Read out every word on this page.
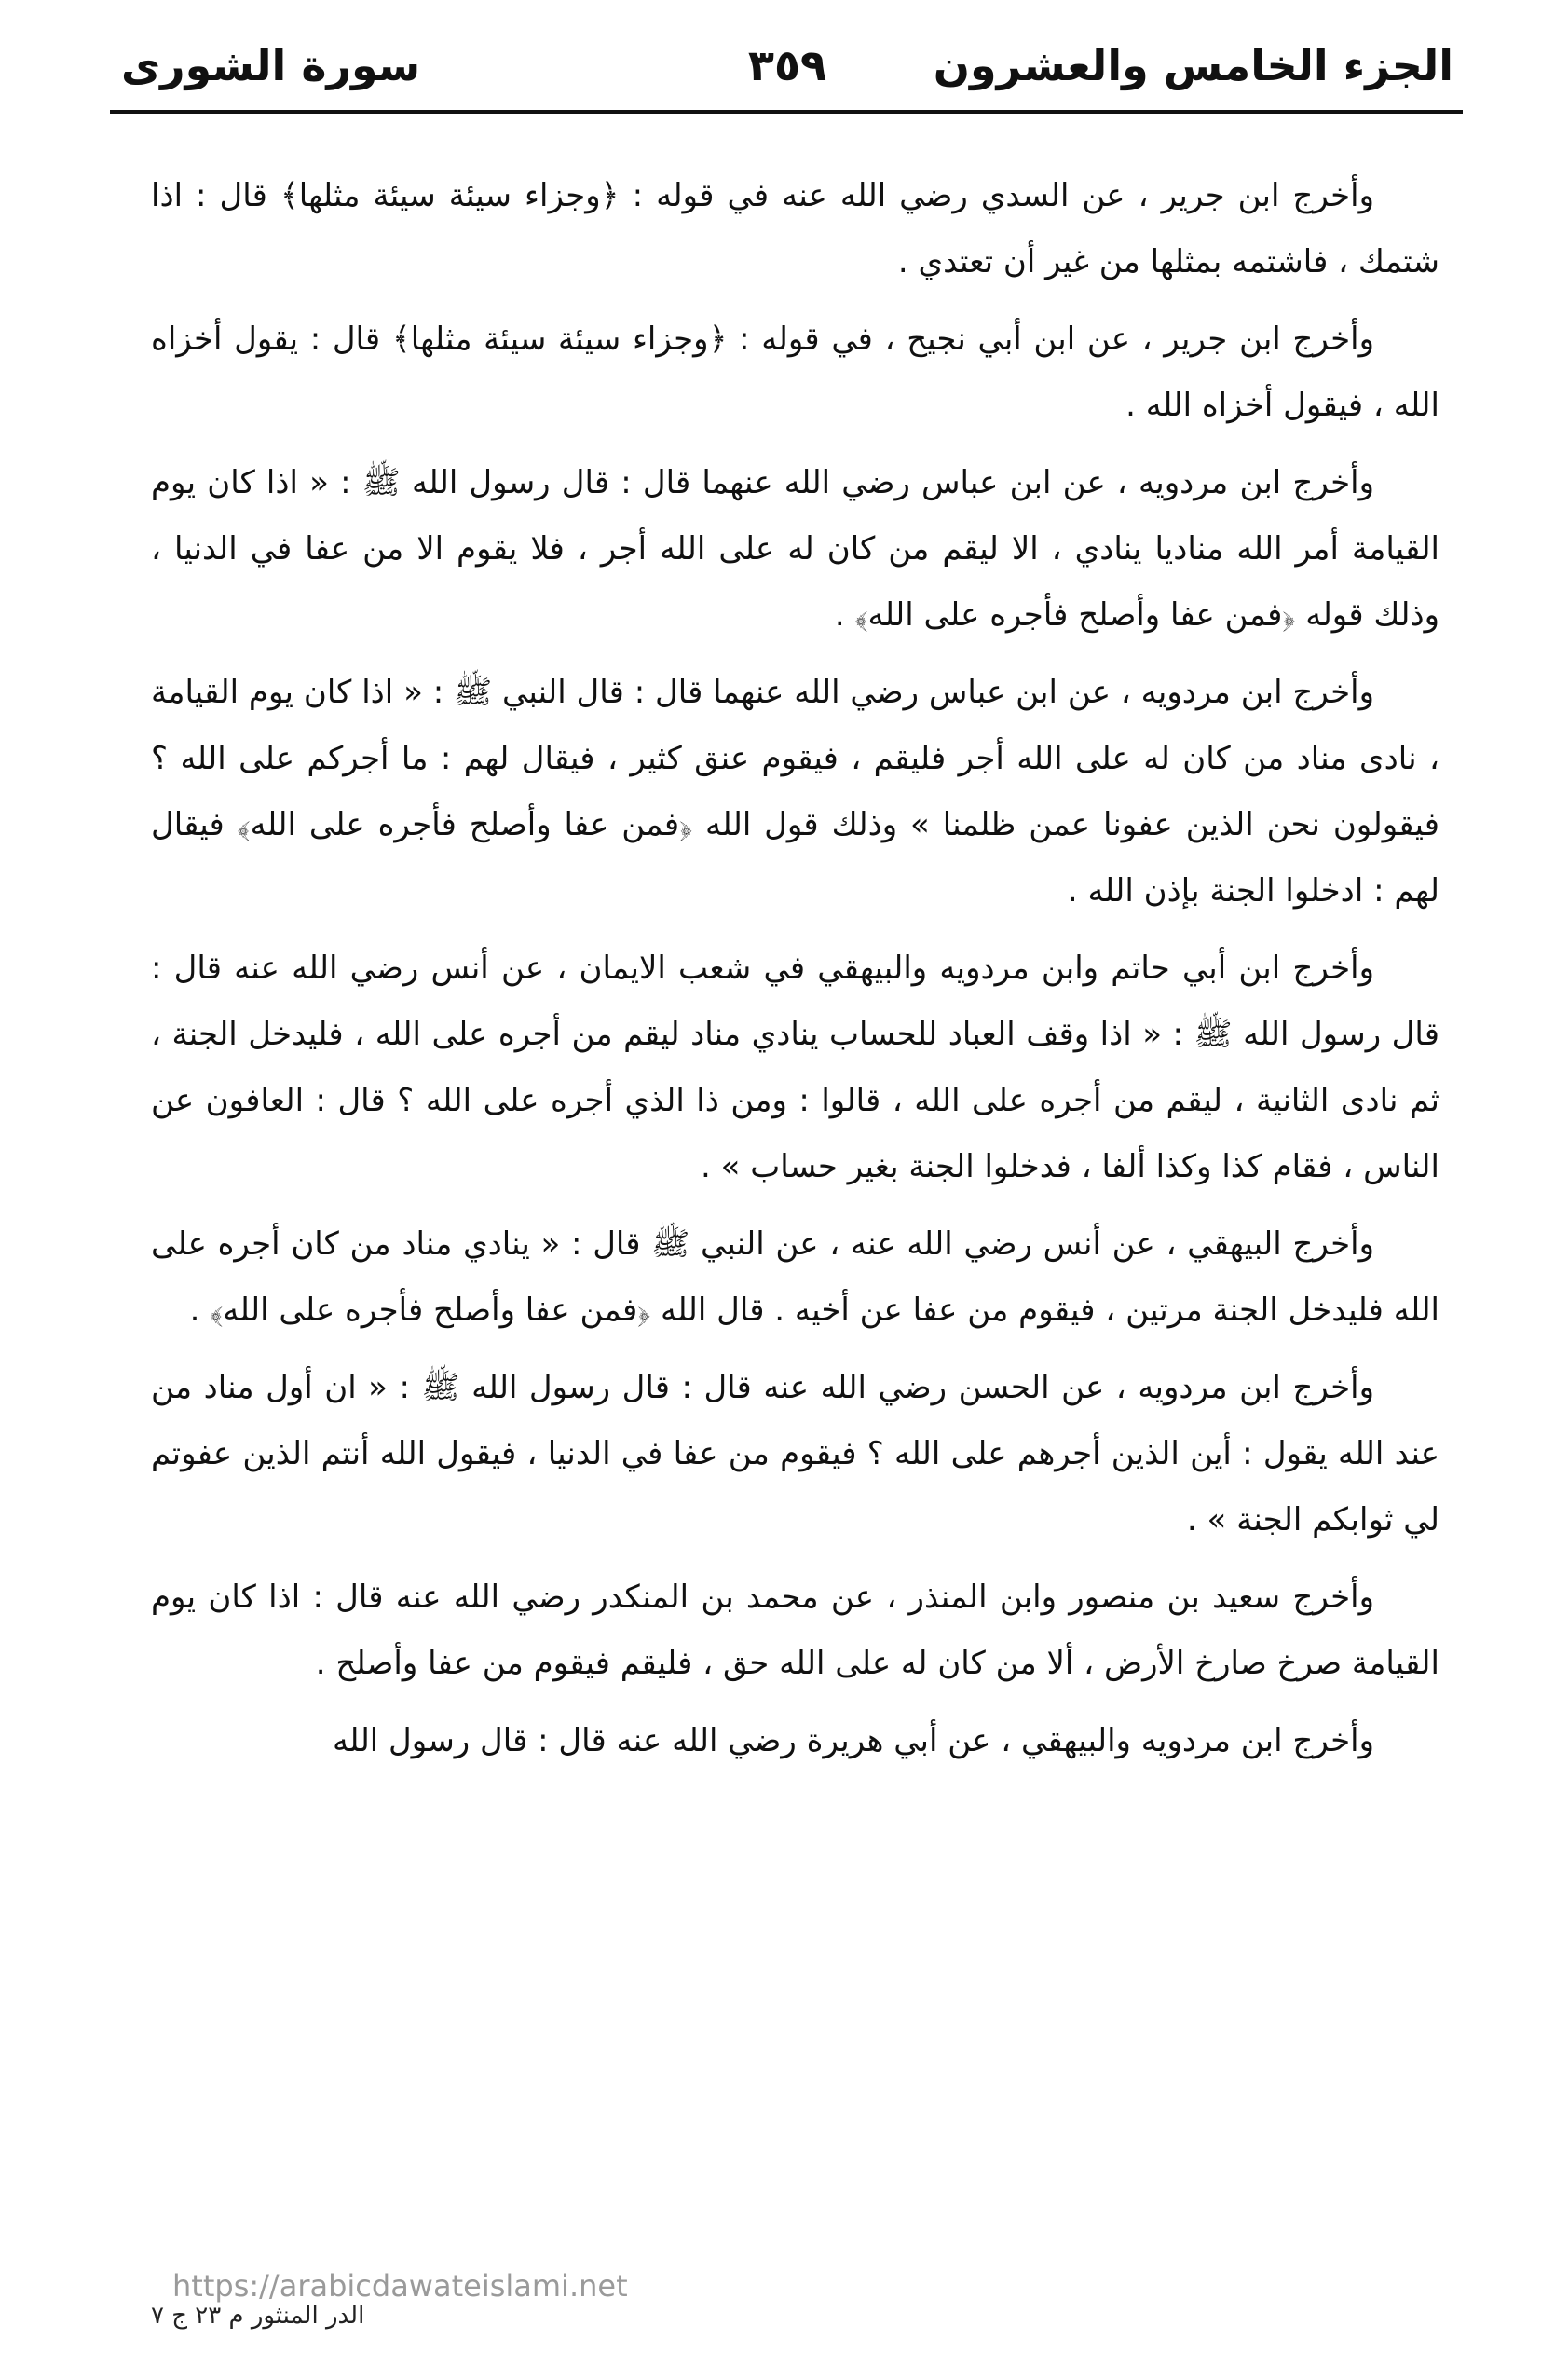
الجزء الخامس والعشرون
٣٥٩
سورة الشورى

وأخرج ابن جرير ، عن السدي رضي الله عنه في قوله : ﴿وجزاء سيئة سيئة مثلها﴾ قال : اذا شتمك ، فاشتمه بمثلها من غير أن تعتدي .

وأخرج ابن جرير ، عن ابن أبي نجيح ، في قوله : ﴿وجزاء سيئة سيئة مثلها﴾ قال : يقول أخزاه الله ، فيقول أخزاه الله .

وأخرج ابن مردويه ، عن ابن عباس رضي الله عنهما قال : قال رسول الله ﷺ : « اذا كان يوم القيامة أمر الله مناديا ينادي ، الا ليقم من كان له على الله أجر ، فلا يقوم الا من عفا في الدنيا ، وذلك قوله ﴿فمن عفا وأصلح فأجره على الله﴾ .

وأخرج ابن مردويه ، عن ابن عباس رضي الله عنهما قال : قال النبي ﷺ : « اذا كان يوم القيامة ، نادى مناد من كان له على الله أجر فليقم ، فيقوم عنق كثير ، فيقال لهم : ما أجركم على الله ؟ فيقولون نحن الذين عفونا عمن ظلمنا » وذلك قول الله ﴿فمن عفا وأصلح فأجره على الله﴾ فيقال لهم : ادخلوا الجنة بإذن الله .

وأخرج ابن أبي حاتم وابن مردويه والبيهقي في شعب الايمان ، عن أنس رضي الله عنه قال : قال رسول الله ﷺ : « اذا وقف العباد للحساب ينادي مناد ليقم من أجره على الله ، فليدخل الجنة ، ثم نادى الثانية ، ليقم من أجره على الله ، قالوا : ومن ذا الذي أجره على الله ؟ قال : العافون عن الناس ، فقام كذا وكذا ألفا ، فدخلوا الجنة بغير حساب » .

وأخرج البيهقي ، عن أنس رضي الله عنه ، عن النبي ﷺ قال : « ينادي مناد من كان أجره على الله فليدخل الجنة مرتين ، فيقوم من عفا عن أخيه . قال الله ﴿فمن عفا وأصلح فأجره على الله﴾ .

وأخرج ابن مردويه ، عن الحسن رضي الله عنه قال : قال رسول الله ﷺ : « ان أول مناد من عند الله يقول : أين الذين أجرهم على الله ؟ فيقوم من عفا في الدنيا ، فيقول الله أنتم الذين عفوتم لي ثوابكم الجنة » .

وأخرج سعيد بن منصور وابن المنذر ، عن محمد بن المنكدر رضي الله عنه قال : اذا كان يوم القيامة صرخ صارخ الأرض ، ألا من كان له على الله حق ، فليقم فيقوم من عفا وأصلح .

وأخرج ابن مردويه والبيهقي ، عن أبي هريرة رضي الله عنه قال : قال رسول الله

https://arabicdawateislami.net
الدر المنثور م ٢٣ ج ٧
